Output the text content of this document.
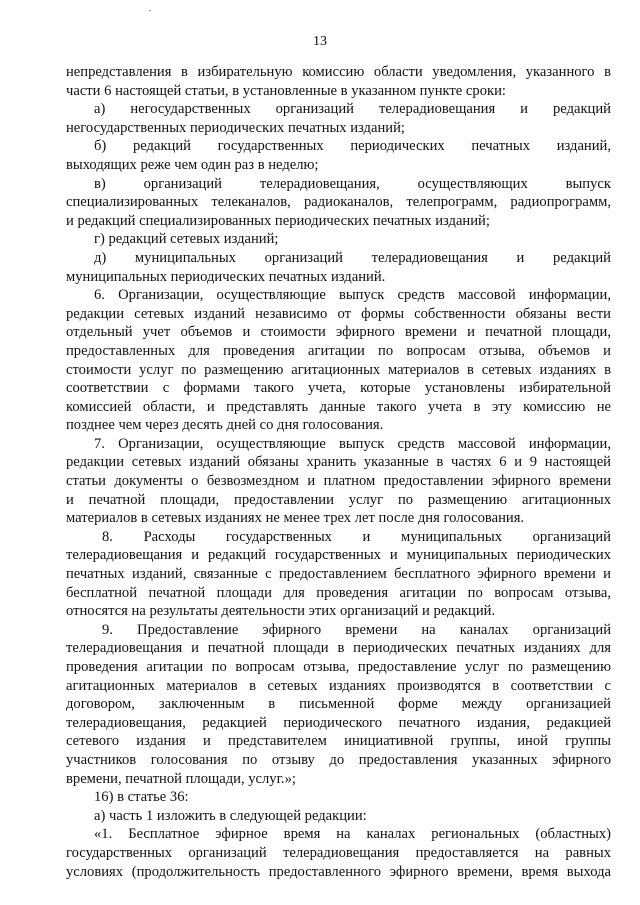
13
непредставления в избирательную комиссию области уведомления, указанного в
части 6 настоящей статьи, в установленные в указанном пункте сроки:
а) негосударственных организаций телерадиовещания и редакций
негосударственных периодических печатных изданий;
б) редакций государственных периодических печатных изданий,
выходящих реже чем один раз в неделю;
в) организаций телерадиовещания, осуществляющих выпуск
специализированных телеканалов, радиоканалов, телепрограмм, радиопрограмм,
и редакций специализированных периодических печатных изданий;
г) редакций сетевых изданий;
д) муниципальных организаций телерадиовещания и редакций
муниципальных периодических печатных изданий.
6. Организации, осуществляющие выпуск средств массовой информации,
редакции сетевых изданий независимо от формы собственности обязаны вести
отдельный учет объемов и стоимости эфирного времени и печатной площади,
предоставленных для проведения агитации по вопросам отзыва, объемов и
стоимости услуг по размещению агитационных материалов в сетевых изданиях в
соответствии с формами такого учета, которые установлены избирательной
комиссией области, и представлять данные такого учета в эту комиссию не
позднее чем через десять дней со дня голосования.
7. Организации, осуществляющие выпуск средств массовой информации,
редакции сетевых изданий обязаны хранить указанные в частях 6 и 9 настоящей
статьи документы о безвозмездном и платном предоставлении эфирного времени
и печатной площади, предоставлении услуг по размещению агитационных
материалов в сетевых изданиях не менее трех лет после дня голосования.
8. Расходы государственных и муниципальных организаций
телерадиовещания и редакций государственных и муниципальных периодических
печатных изданий, связанные с предоставлением бесплатного эфирного времени и
бесплатной печатной площади для проведения агитации по вопросам отзыва,
относятся на результаты деятельности этих организаций и редакций.
9. Предоставление эфирного времени на каналах организаций
телерадиовещания и печатной площади в периодических печатных изданиях для
проведения агитации по вопросам отзыва, предоставление услуг по размещению
агитационных материалов в сетевых изданиях производятся в соответствии с
договором, заключенным в письменной форме между организацией
телерадиовещания, редакцией периодического печатного издания, редакцией
сетевого издания и представителем инициативной группы, иной группы
участников голосования по отзыву до предоставления указанных эфирного
времени, печатной площади, услуг.»;
16) в статье 36:
а) часть 1 изложить в следующей редакции:
«1. Бесплатное эфирное время на каналах региональных (областных)
государственных организаций телерадиовещания предоставляется на равных
условиях (продолжительность предоставленного эфирного времени, время выхода
